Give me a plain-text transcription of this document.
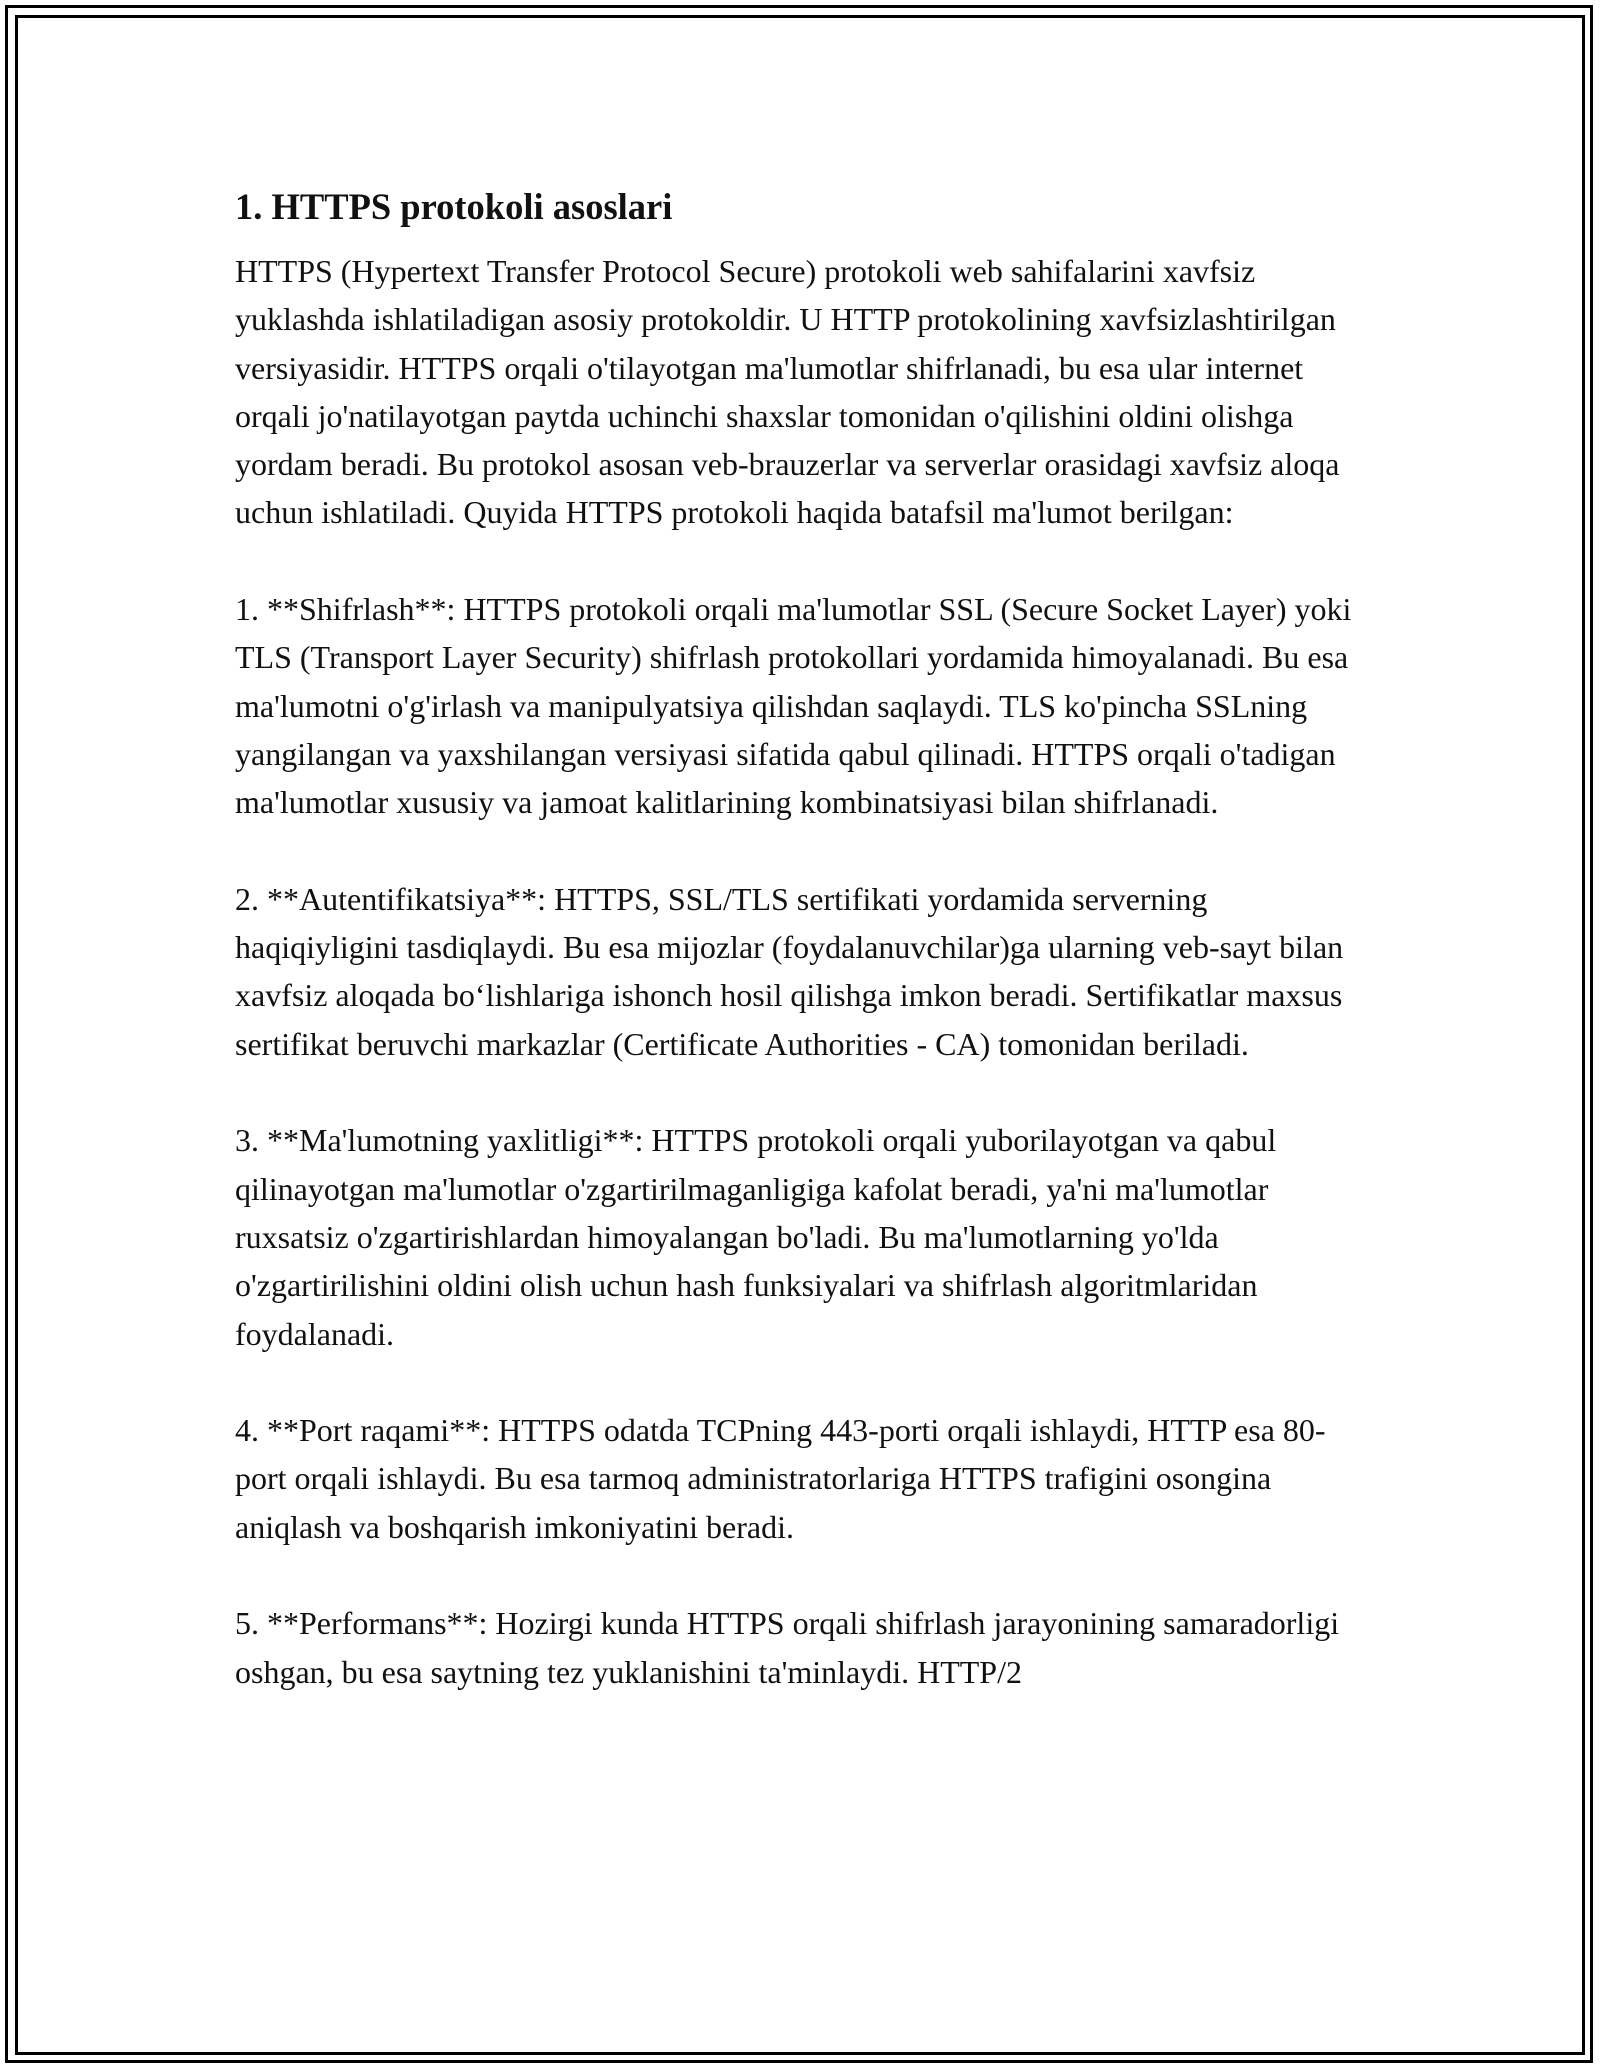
1. HTTPS protokoli asoslari

HTTPS (Hypertext Transfer Protocol Secure) protokoli web sahifalarini xavfsiz yuklashda ishlatiladigan asosiy protokoldir. U HTTP protokolining xavfsizlashtirilgan versiyasidir. HTTPS orqali o'tilayotgan ma'lumotlar shifrlanadi, bu esa ular internet orqali jo'natilayotgan paytda uchinchi shaxslar tomonidan o'qilishini oldini olishga yordam beradi. Bu protokol asosan veb-brauzerlar va serverlar orasidagi xavfsiz aloqa uchun ishlatiladi. Quyida HTTPS protokoli haqida batafsil ma'lumot berilgan:

1. **Shifrlash**: HTTPS protokoli orqali ma'lumotlar SSL (Secure Socket Layer) yoki TLS (Transport Layer Security) shifrlash protokollari yordamida himoyalanadi. Bu esa ma'lumotni o'g'irlash va manipulyatsiya qilishdan saqlaydi. TLS ko'pincha SSLning yangilangan va yaxshilangan versiyasi sifatida qabul qilinadi. HTTPS orqali o'tadigan ma'lumotlar xususiy va jamoat kalitlarining kombinatsiyasi bilan shifrlanadi.

2. **Autentifikatsiya**: HTTPS, SSL/TLS sertifikati yordamida serverning haqiqiyligini tasdiqlaydi. Bu esa mijozlar (foydalanuvchilar)ga ularning veb-sayt bilan xavfsiz aloqada bo‘lishlariga ishonch hosil qilishga imkon beradi. Sertifikatlar maxsus sertifikat beruvchi markazlar (Certificate Authorities - CA) tomonidan beriladi.

3. **Ma'lumotning yaxlitligi**: HTTPS protokoli orqali yuborilayotgan va qabul qilinayotgan ma'lumotlar o'zgartirilmaganligiga kafolat beradi, ya'ni ma'lumotlar ruxsatsiz o'zgartirishlardan himoyalangan bo'ladi. Bu ma'lumotlarning yo'lda o'zgartirilishini oldini olish uchun hash funksiyalari va shifrlash algoritmlaridan foydalanadi.

4. **Port raqami**: HTTPS odatda TCPning 443-porti orqali ishlaydi, HTTP esa 80-port orqali ishlaydi. Bu esa tarmoq administratorlariga HTTPS trafigini osongina aniqlash va boshqarish imkoniyatini beradi.

5. **Performans**: Hozirgi kunda HTTPS orqali shifrlash jarayonining samaradorligi oshgan, bu esa saytning tez yuklanishini ta'minlaydi. HTTP/2
